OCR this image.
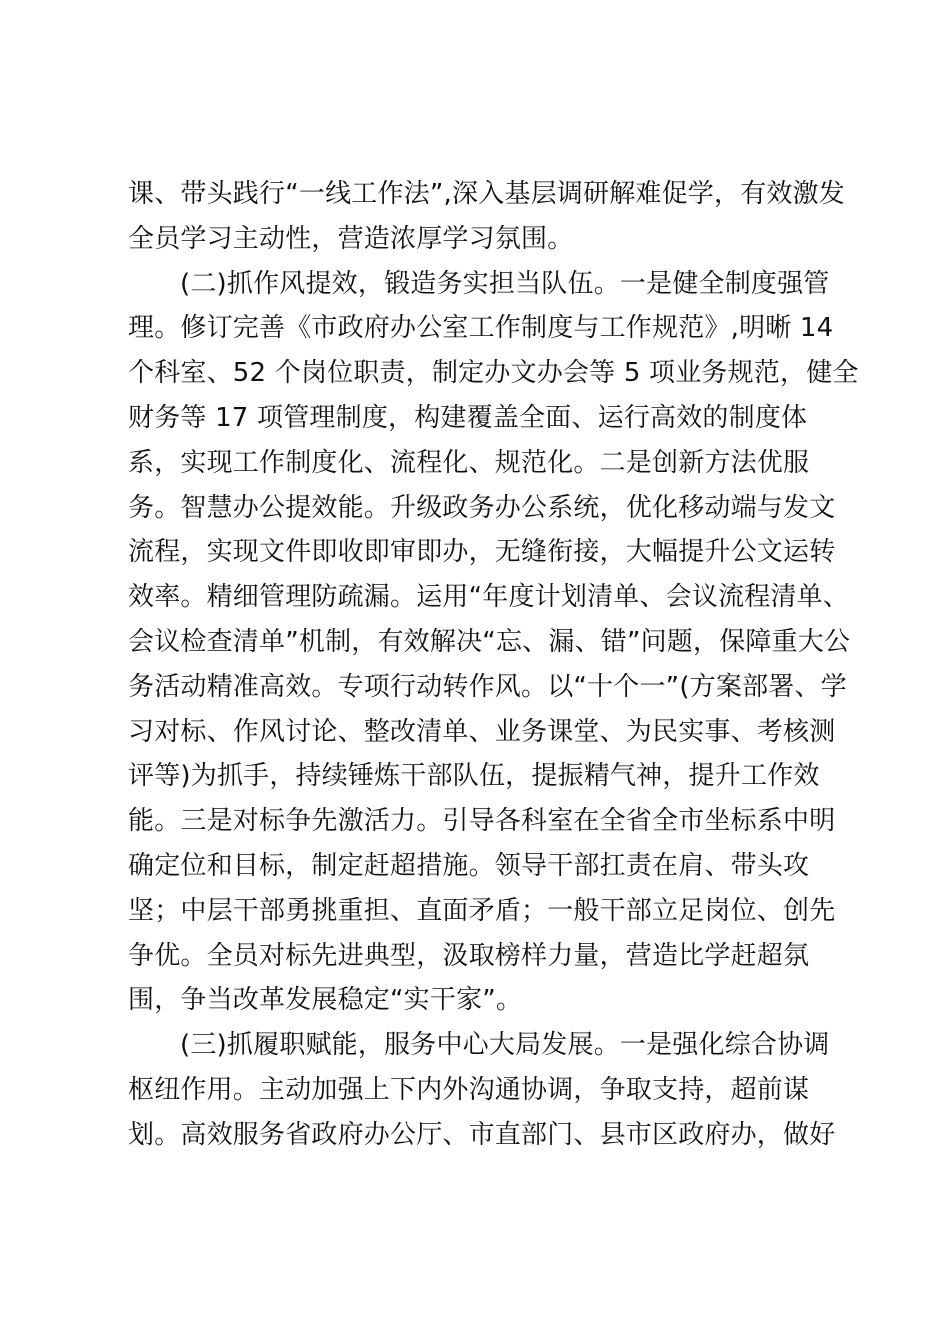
课、带头践行“一线工作法”,深入基层调研解难促学，有效激发
全员学习主动性，营造浓厚学习氛围。
(二)抓作风提效，锻造务实担当队伍。一是健全制度强管
理。修订完善《市政府办公室工作制度与工作规范》,明晰 14
个科室、52 个岗位职责，制定办文办会等 5 项业务规范，健全
财务等 17 项管理制度，构建覆盖全面、运行高效的制度体
系，实现工作制度化、流程化、规范化。二是创新方法优服
务。智慧办公提效能。升级政务办公系统，优化移动端与发文
流程，实现文件即收即审即办，无缝衔接，大幅提升公文运转
效率。精细管理防疏漏。运用“年度计划清单、会议流程清单、
会议检查清单”机制，有效解决“忘、漏、错”问题，保障重大公
务活动精准高效。专项行动转作风。以“十个一”(方案部署、学
习对标、作风讨论、整改清单、业务课堂、为民实事、考核测
评等)为抓手，持续锤炼干部队伍，提振精气神，提升工作效
能。三是对标争先激活力。引导各科室在全省全市坐标系中明
确定位和目标，制定赶超措施。领导干部扛责在肩、带头攻
坚；中层干部勇挑重担、直面矛盾；一般干部立足岗位、创先
争优。全员对标先进典型，汲取榜样力量，营造比学赶超氛
围，争当改革发展稳定“实干家”。
(三)抓履职赋能，服务中心大局发展。一是强化综合协调
枢纽作用。主动加强上下内外沟通协调，争取支持，超前谋
划。高效服务省政府办公厅、市直部门、县市区政府办，做好
